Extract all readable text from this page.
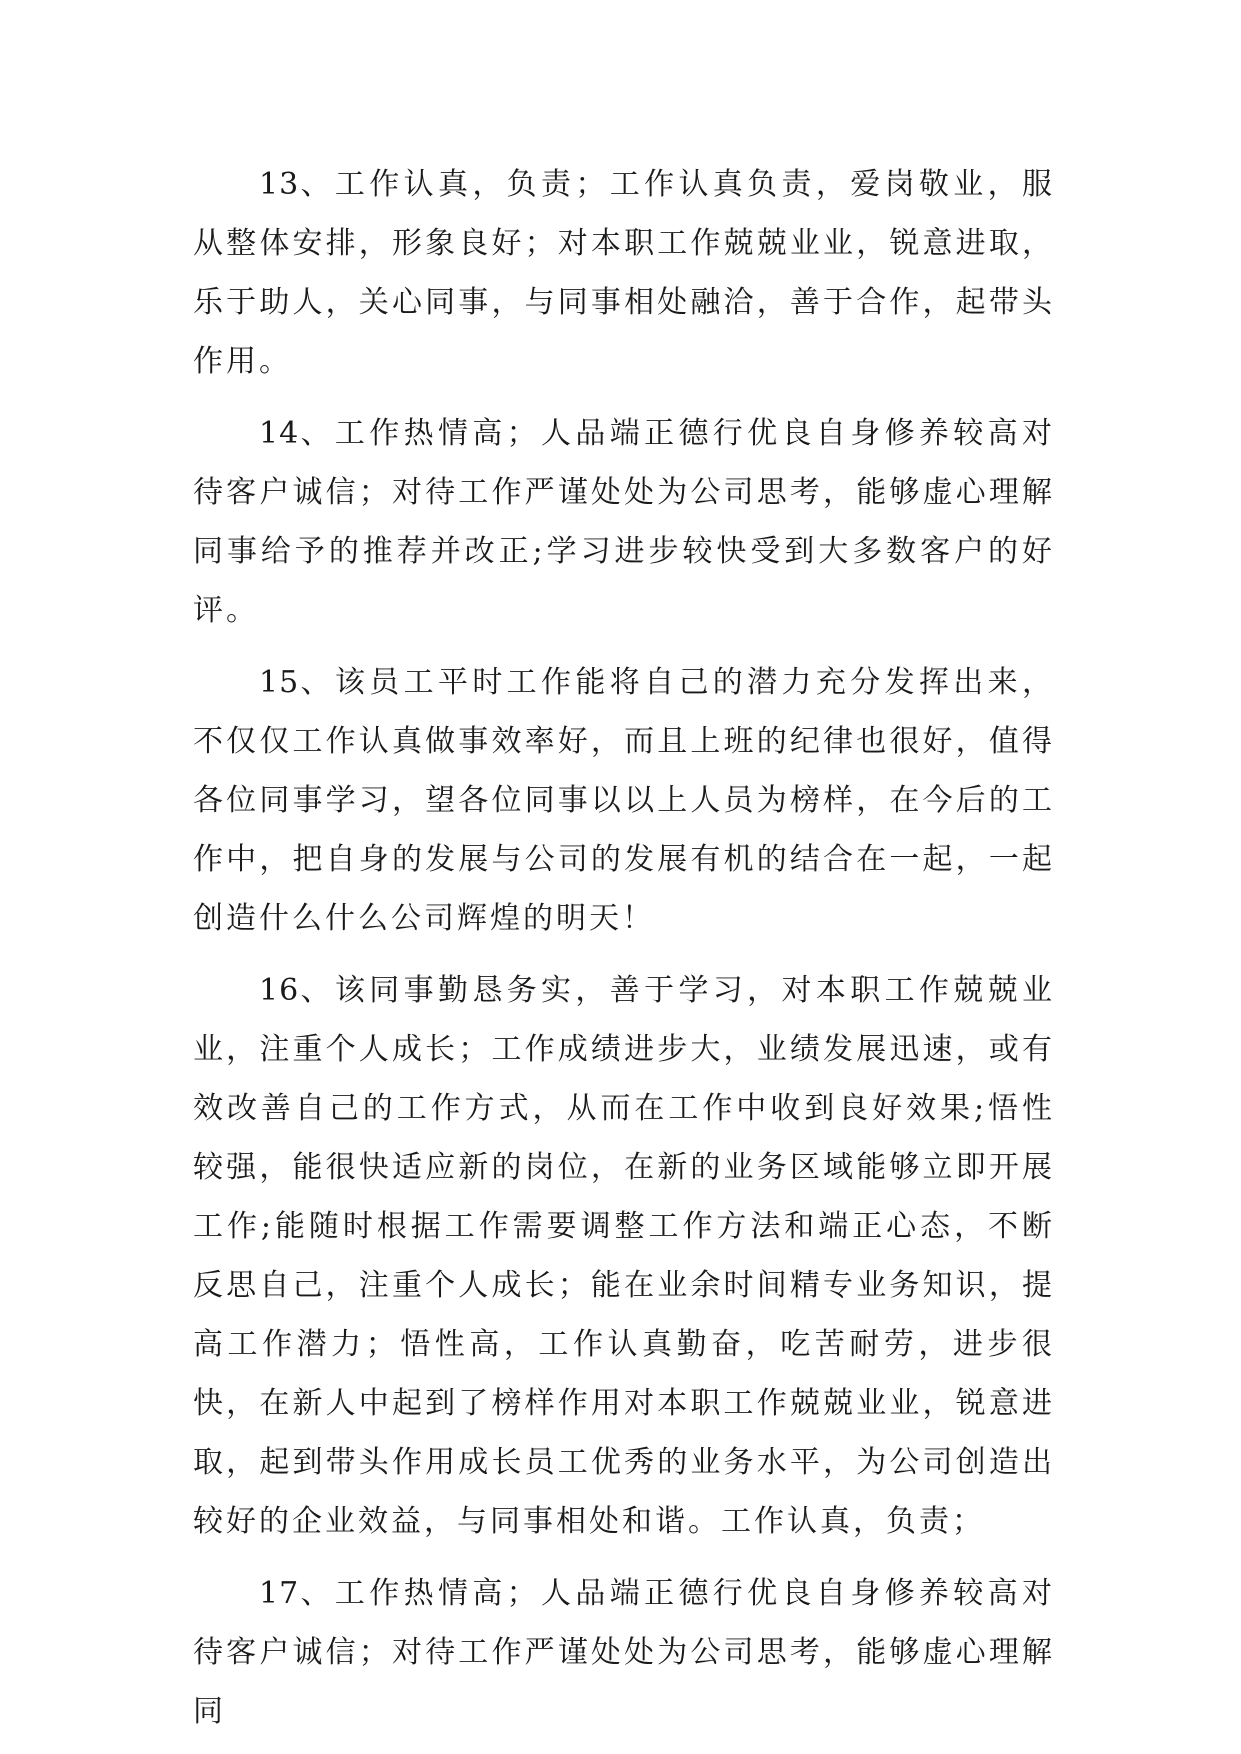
13、工作认真，负责；工作认真负责，爱岗敬业，服从整体安排，形象良好；对本职工作兢兢业业，锐意进取，乐于助人，关心同事，与同事相处融洽，善于合作，起带头作用。

14、工作热情高；人品端正德行优良自身修养较高对待客户诚信；对待工作严谨处处为公司思考，能够虚心理解同事给予的推荐并改正;学习进步较快受到大多数客户的好评。

15、该员工平时工作能将自己的潜力充分发挥出来，不仅仅工作认真做事效率好，而且上班的纪律也很好，值得各位同事学习，望各位同事以以上人员为榜样，在今后的工作中，把自身的发展与公司的发展有机的结合在一起，一起创造什么什么公司辉煌的明天！

16、该同事勤恳务实，善于学习，对本职工作兢兢业业，注重个人成长；工作成绩进步大，业绩发展迅速，或有效改善自己的工作方式，从而在工作中收到良好效果;悟性较强，能很快适应新的岗位，在新的业务区域能够立即开展工作;能随时根据工作需要调整工作方法和端正心态，不断反思自己，注重个人成长；能在业余时间精专业务知识，提高工作潜力；悟性高，工作认真勤奋，吃苦耐劳，进步很快，在新人中起到了榜样作用对本职工作兢兢业业，锐意进取，起到带头作用成长员工优秀的业务水平，为公司创造出较好的企业效益，与同事相处和谐。工作认真，负责；

17、工作热情高；人品端正德行优良自身修养较高对待客户诚信；对待工作严谨处处为公司思考，能够虚心理解同
